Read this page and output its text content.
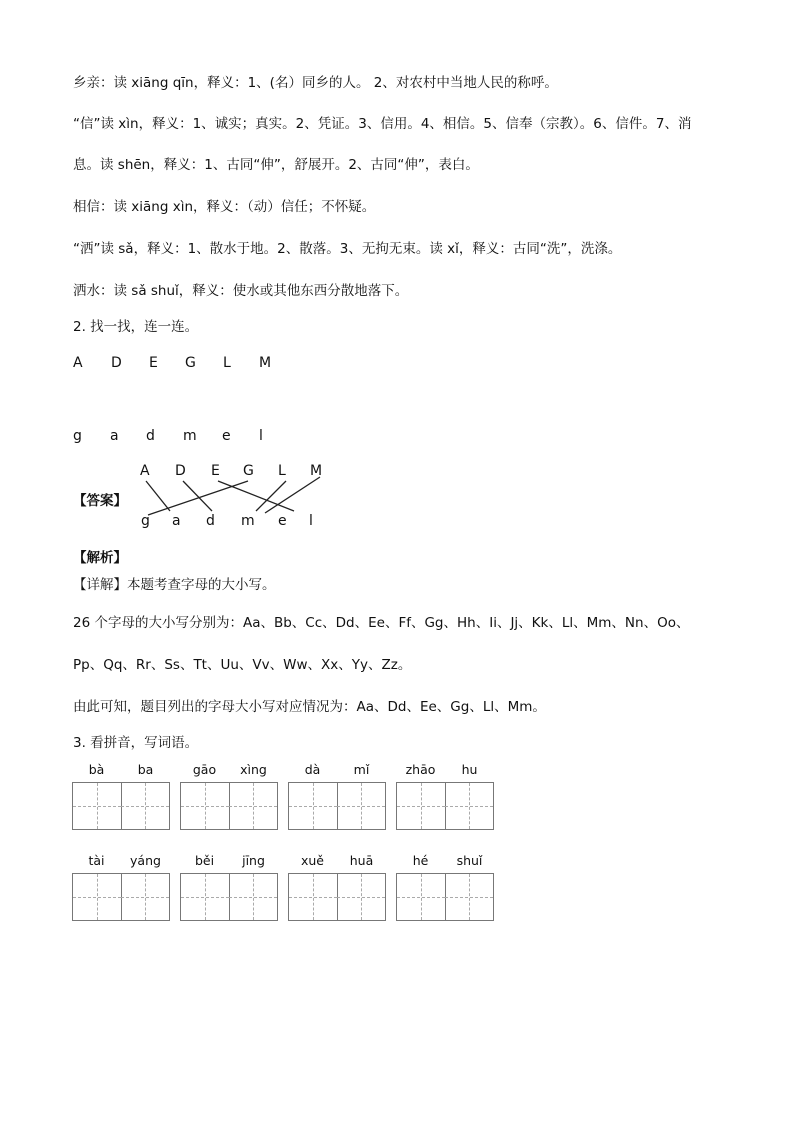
乡亲：读 xiāng qīn，释义：1、(名）同乡的人。 2、对农村中当地人民的称呼。
“信”读 xìn，释义：1、诚实；真实。2、凭证。3、信用。4、相信。5、信奉（宗教）。6、信件。7、消
息。读 shēn，释义：1、古同“伸”，舒展开。2、古同“伸”，表白。
相信：读 xiāng xìn，释义：（动）信任；不怀疑。
“洒”读 sǎ，释义：1、散水于地。2、散落。3、无拘无束。读 xǐ，释义：古同“洗”，洗涤。
洒水：读 sǎ shuǐ，释义：使水或其他东西分散地落下。
2. 找一找，连一连。
A D E G L M
g a d m e l
【答案】
A D E G L M
g a d m e l
【解析】
【详解】本题考查字母的大小写。
26 个字母的大小写分别为：Aa、Bb、Cc、Dd、Ee、Ff、Gg、Hh、Ii、Jj、Kk、Ll、Mm、Nn、Oo、
Pp、Qq、Rr、Ss、Tt、Uu、Vv、Ww、Xx、Yy、Zz。
由此可知，题目列出的字母大小写对应情况为：Aa、Dd、Ee、Gg、Ll、Mm。
3. 看拼音，写词语。
bà	ba	gāo	xìng	dà	mǐ	zhāo	hu
tài	yáng	běi	jīng	xuě	huā	hé	shuǐ
